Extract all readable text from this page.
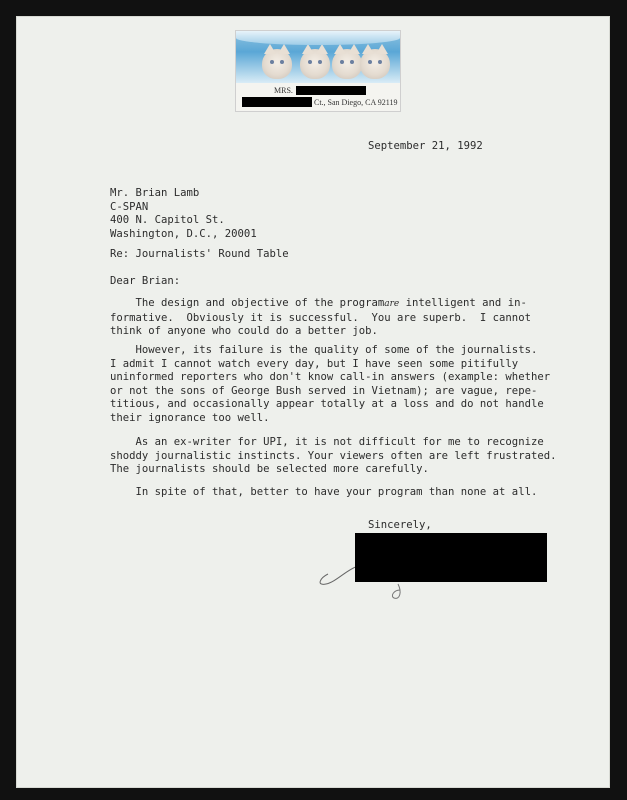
MRS.
Ct., San Diego, CA 92119
September 21, 1992
Mr. Brian Lamb
C-SPAN
400 N. Capitol St.
Washington, D.C., 20001
Re: Journalists' Round Table
Dear Brian:
The design and objective of the programare intelligent and in-
formative.  Obviously it is successful.  You are superb.  I cannot
think of anyone who could do a better job.
However, its failure is the quality of some of the journalists.
I admit I cannot watch every day, but I have seen some pitifully
uninformed reporters who don't know call-in answers (example: whether
or not the sons of George Bush served in Vietnam); are vague, repe-
titious, and occasionally appear totally at a loss and do not handle
their ignorance too well.
As an ex-writer for UPI, it is not difficult for me to recognize
shoddy journalistic instincts. Your viewers often are left frustrated.
The journalists should be selected more carefully.
In spite of that, better to have your program than none at all.
Sincerely,
